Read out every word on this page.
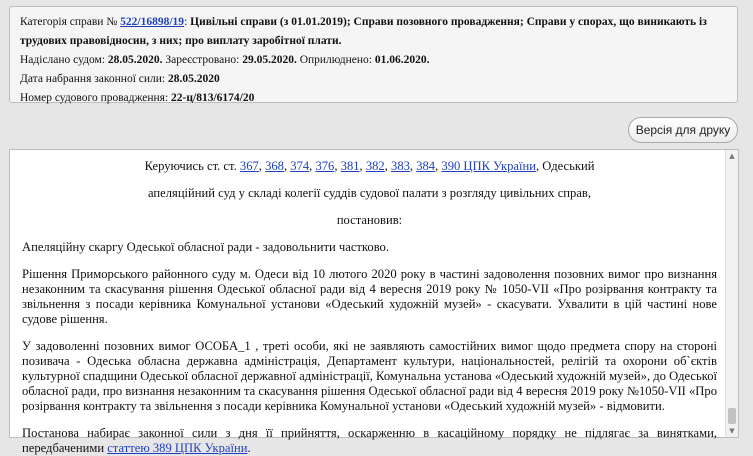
Категорія справи № 522/16898/19: Цивільні справи (з 01.01.2019); Справи позовного провадження; Справи у спорах, що виникають із трудових правовідносин, з них; про виплату заробітної плати.
Надіслано судом: 28.05.2020. Зареєстровано: 29.05.2020. Оприлюднено: 01.06.2020.
Дата набрання законної сили: 28.05.2020
Номер судового провадження: 22-ц/813/6174/20
Версія для друку

Керуючись ст. ст. 367, 368, 374, 376, 381, 382, 383, 384, 390 ЦПК України, Одеський

апеляційний суд у складі колегії суддів судової палати з розгляду цивільних справ,

постановив:

Апеляційну скаргу Одеської обласної ради - задовольнити частково.

Рішення Приморського районного суду м. Одеси від 10 лютого 2020 року в частині задоволення позовних вимог про визнання незаконним та скасування рішення Одеської обласної ради від 4 вересня 2019 року № 1050-VII «Про розірвання контракту та звільнення з посади керівника Комунальної установи «Одеський художній музей» - скасувати. Ухвалити в цій частині нове судове рішення.

У задоволенні позовних вимог ОСОБА_1 , треті особи, які не заявляють самостійних вимог щодо предмета спору на стороні позивача - Одеська обласна державна адміністрація, Департамент культури, національностей, релігій та охорони об`єктів культурної спадщини Одеської обласної державної адміністрації, Комунальна установа «Одеський художній музей», до Одеської обласної ради, про визнання незаконним та скасування рішення Одеської обласної ради від 4 вересня 2019 року №1050-VII «Про розірвання контракту та звільнення з посади керівника Комунальної установи «Одеський художній музей» - відмовити.

Постанова набирає законної сили з дня її прийняття, оскарженню в касаційному порядку не підлягає за винятками, передбаченими статтею 389 ЦПК України.

▲
▼
